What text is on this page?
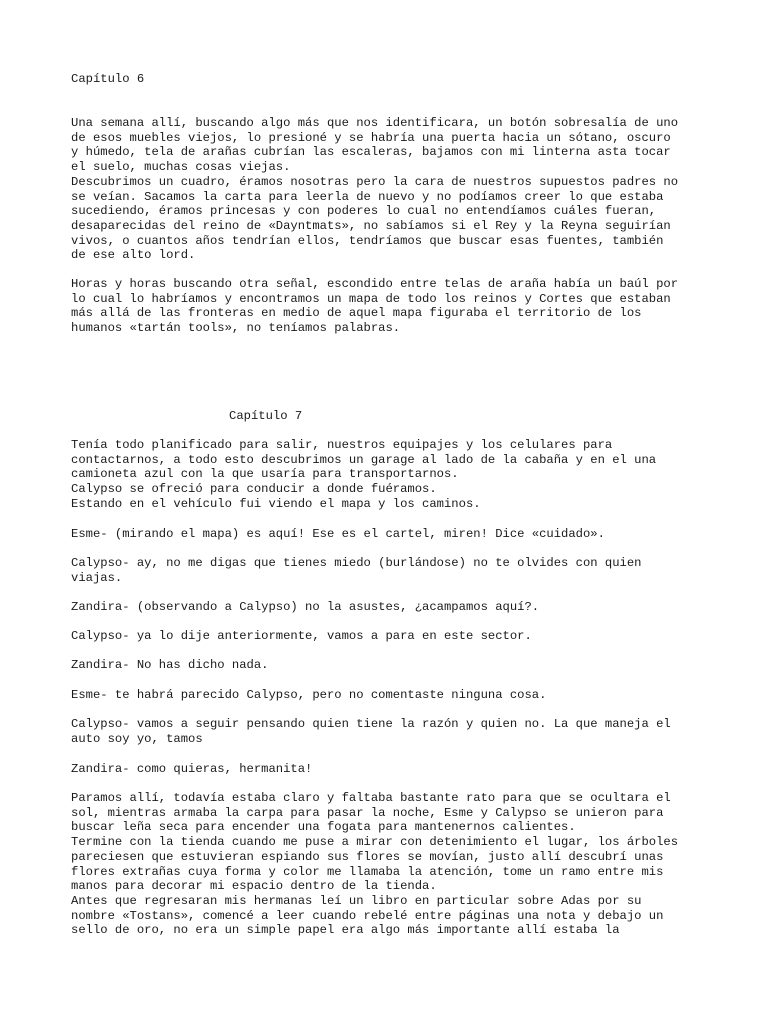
Capítulo 6
Una semana allí, buscando algo más que nos identificara, un botón sobresalía de uno
de esos muebles viejos, lo presioné y se habría una puerta hacia un sótano, oscuro
y húmedo, tela de arañas cubrían las escaleras, bajamos con mi linterna asta tocar
el suelo, muchas cosas viejas.
Descubrimos un cuadro, éramos nosotras pero la cara de nuestros supuestos padres no
se veían. Sacamos la carta para leerla de nuevo y no podíamos creer lo que estaba
sucediendo, éramos princesas y con poderes lo cual no entendíamos cuáles fueran,
desaparecidas del reino de «Dayntmats», no sabíamos si el Rey y la Reyna seguirían
vivos, o cuantos años tendrían ellos, tendríamos que buscar esas fuentes, también
de ese alto lord.
Horas y horas buscando otra señal, escondido entre telas de araña había un baúl por
lo cual lo habríamos y encontramos un mapa de todo los reinos y Cortes que estaban
más allá de las fronteras en medio de aquel mapa figuraba el territorio de los
humanos «tartán tools», no teníamos palabras.
Capítulo 7
Tenía todo planificado para salir, nuestros equipajes y los celulares para
contactarnos, a todo esto descubrimos un garage al lado de la cabaña y en el una
camioneta azul con la que usaría para transportarnos.
Calypso se ofreció para conducir a donde fuéramos.
Estando en el vehículo fui viendo el mapa y los caminos.
Esme- (mirando el mapa) es aquí! Ese es el cartel, miren! Dice «cuidado».
Calypso- ay, no me digas que tienes miedo (burlándose) no te olvides con quien
viajas.
Zandira- (observando a Calypso) no la asustes, ¿acampamos aquí?.
Calypso- ya lo dije anteriormente, vamos a para en este sector.
Zandira- No has dicho nada.
Esme- te habrá parecido Calypso, pero no comentaste ninguna cosa.
Calypso- vamos a seguir pensando quien tiene la razón y quien no. La que maneja el
auto soy yo, tamos
Zandira- como quieras, hermanita!
Paramos allí, todavía estaba claro y faltaba bastante rato para que se ocultara el
sol, mientras armaba la carpa para pasar la noche, Esme y Calypso se unieron para
buscar leña seca para encender una fogata para mantenernos calientes.
Termine con la tienda cuando me puse a mirar con detenimiento el lugar, los árboles
pareciesen que estuvieran espiando sus flores se movían, justo allí descubrí unas
flores extrañas cuya forma y color me llamaba la atención, tome un ramo entre mis
manos para decorar mi espacio dentro de la tienda.
Antes que regresaran mis hermanas leí un libro en particular sobre Adas por su
nombre «Tostans», comencé a leer cuando rebelé entre páginas una nota y debajo un
sello de oro, no era un simple papel era algo más importante allí estaba la
